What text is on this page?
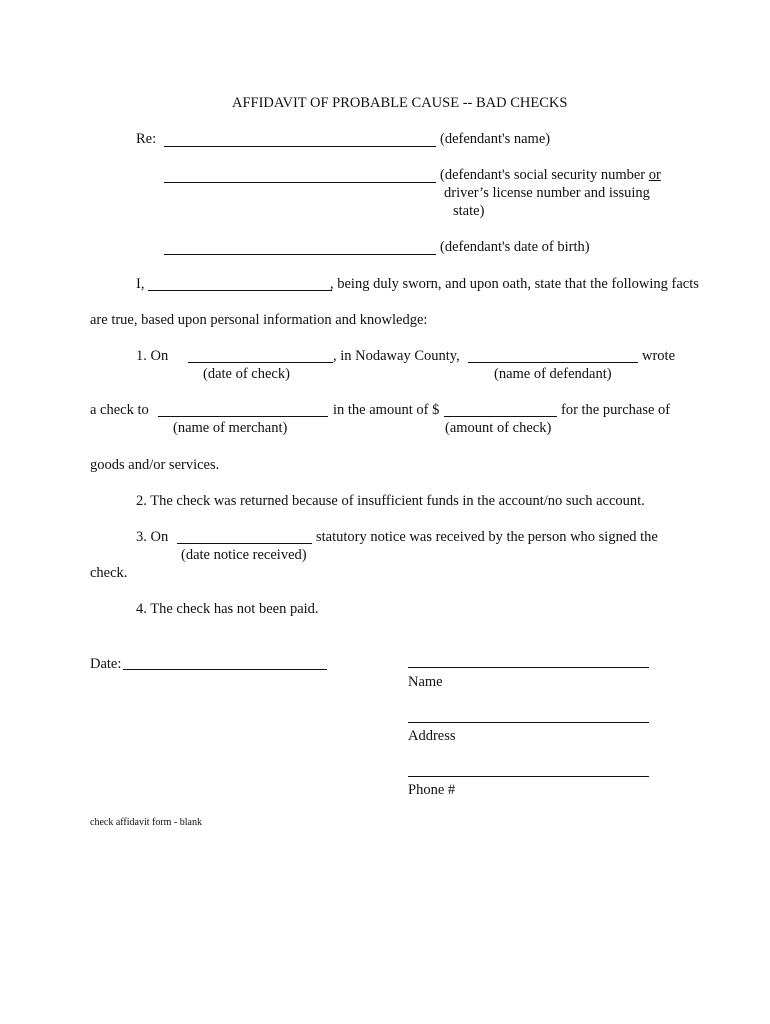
AFFIDAVIT OF PROBABLE CAUSE -- BAD CHECKS
Re:	(defendant's name)
(defendant's social security number or
driver’s license number and issuing
state)
(defendant's date of birth)
I,	, being duly sworn, and upon oath, state that the following facts
are true, based upon personal information and knowledge:
1. On	, in Nodaway County,	wrote
(date of check)	(name of defendant)
a check to	in the amount of $	for the purchase of
(name of merchant)	(amount of check)
goods and/or services.
2. The check was returned because of insufficient funds in the account/no such account.
3. On	statutory notice was received by the person who signed the
(date notice received)
check.
4. The check has not been paid.
Date:
Name
Address
Phone #
check affidavit form - blank
